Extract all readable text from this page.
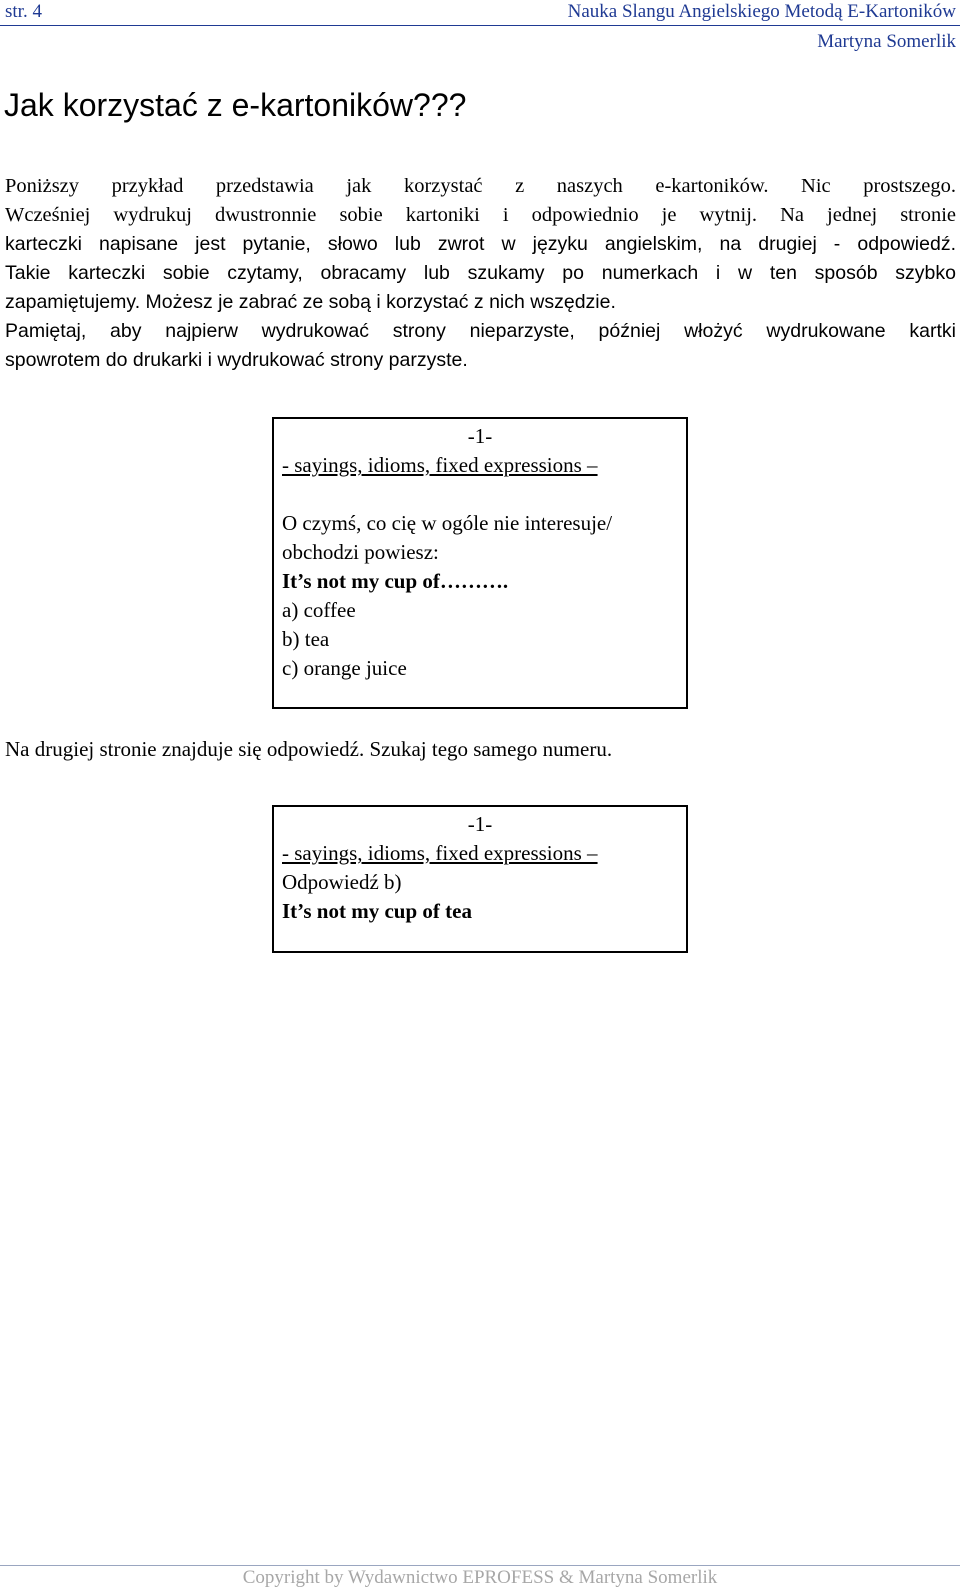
str. 4	Nauka Slangu Angielskiego Metodą E-Kartoników
Martyna Somerlik
Jak korzystać z e-kartoników???

Poniższy przykład przedstawia jak korzystać z naszych e-kartoników. Nic prostszego.

Wcześniej wydrukuj dwustronnie sobie kartoniki i odpowiednio je wytnij. Na jednej stronie

karteczki napisane jest pytanie, słowo lub zwrot w języku angielskim, na drugiej - odpowiedź.

Takie karteczki sobie czytamy, obracamy lub szukamy po numerkach i w ten sposób szybko

zapamiętujemy. Możesz je zabrać ze sobą i korzystać z nich wszędzie.

Pamiętaj, aby najpierw wydrukować strony nieparzyste, później włożyć wydrukowane kartki

spowrotem do drukarki i wydrukować strony parzyste.

-1-
- sayings, idioms, fixed expressions –
O czymś, co cię w ogóle nie interesuje/
obchodzi powiesz:
It’s not my cup of……….
a) coffee
b) tea
c) orange juice

Na drugiej stronie znajduje się odpowiedź. Szukaj tego samego numeru.

-1-
- sayings, idioms, fixed expressions –
Odpowiedź b)
It’s not my cup of tea
Copyright by Wydawnictwo EPROFESS & Martyna Somerlik
